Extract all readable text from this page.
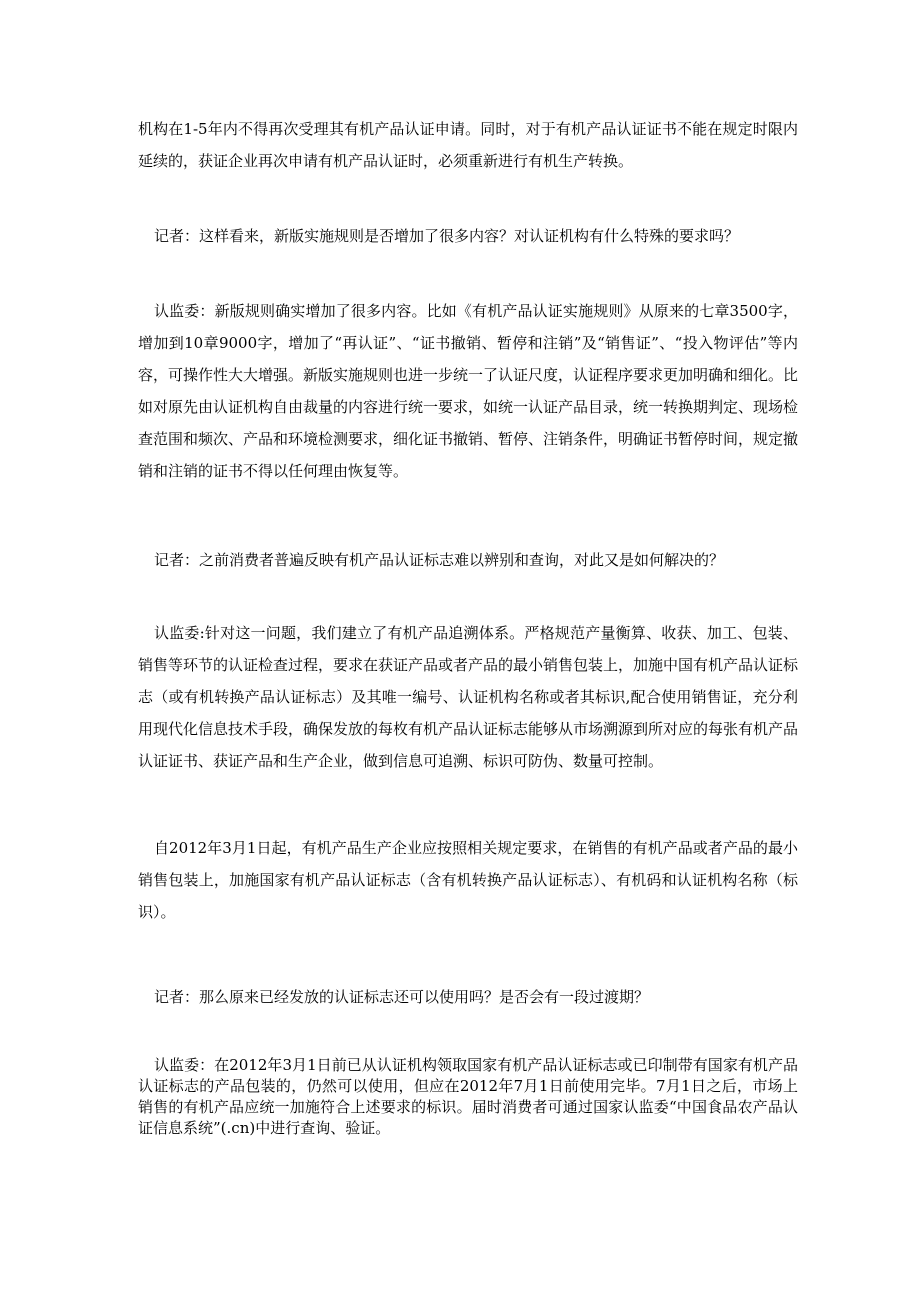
机构在1-5年内不得再次受理其有机产品认证申请。同时，对于有机产品认证证书不能在规定时限内延续的，获证企业再次申请有机产品认证时，必须重新进行有机生产转换。

记者：这样看来，新版实施规则是否增加了很多内容？对认证机构有什么特殊的要求吗？

认监委：新版规则确实增加了很多内容。比如《有机产品认证实施规则》从原来的七章3500字，增加到10章9000字，增加了“再认证”、“证书撤销、暂停和注销”及“销售证”、“投入物评估”等内容，可操作性大大增强。新版实施规则也进一步统一了认证尺度，认证程序要求更加明确和细化。比如对原先由认证机构自由裁量的内容进行统一要求，如统一认证产品目录，统一转换期判定、现场检查范围和频次、产品和环境检测要求，细化证书撤销、暂停、注销条件，明确证书暂停时间，规定撤销和注销的证书不得以任何理由恢复等。

记者：之前消费者普遍反映有机产品认证标志难以辨别和查询，对此又是如何解决的？

认监委:针对这一问题，我们建立了有机产品追溯体系。严格规范产量衡算、收获、加工、包装、销售等环节的认证检查过程，要求在获证产品或者产品的最小销售包装上，加施中国有机产品认证标志（或有机转换产品认证标志）及其唯一编号、认证机构名称或者其标识,配合使用销售证，充分利用现代化信息技术手段，确保发放的每枚有机产品认证标志能够从市场溯源到所对应的每张有机产品认证证书、获证产品和生产企业，做到信息可追溯、标识可防伪、数量可控制。

自2012年3月1日起，有机产品生产企业应按照相关规定要求，在销售的有机产品或者产品的最小销售包装上，加施国家有机产品认证标志（含有机转换产品认证标志）、有机码和认证机构名称（标识）。

记者：那么原来已经发放的认证标志还可以使用吗？是否会有一段过渡期？

认监委：在2012年3月1日前已从认证机构领取国家有机产品认证标志或已印制带有国家有机产品认证标志的产品包装的，仍然可以使用，但应在2012年7月1日前使用完毕。7月1日之后，市场上销售的有机产品应统一加施符合上述要求的标识。届时消费者可通过国家认监委“中国食品农产品认证信息系统”(.cn)中进行查询、验证。
